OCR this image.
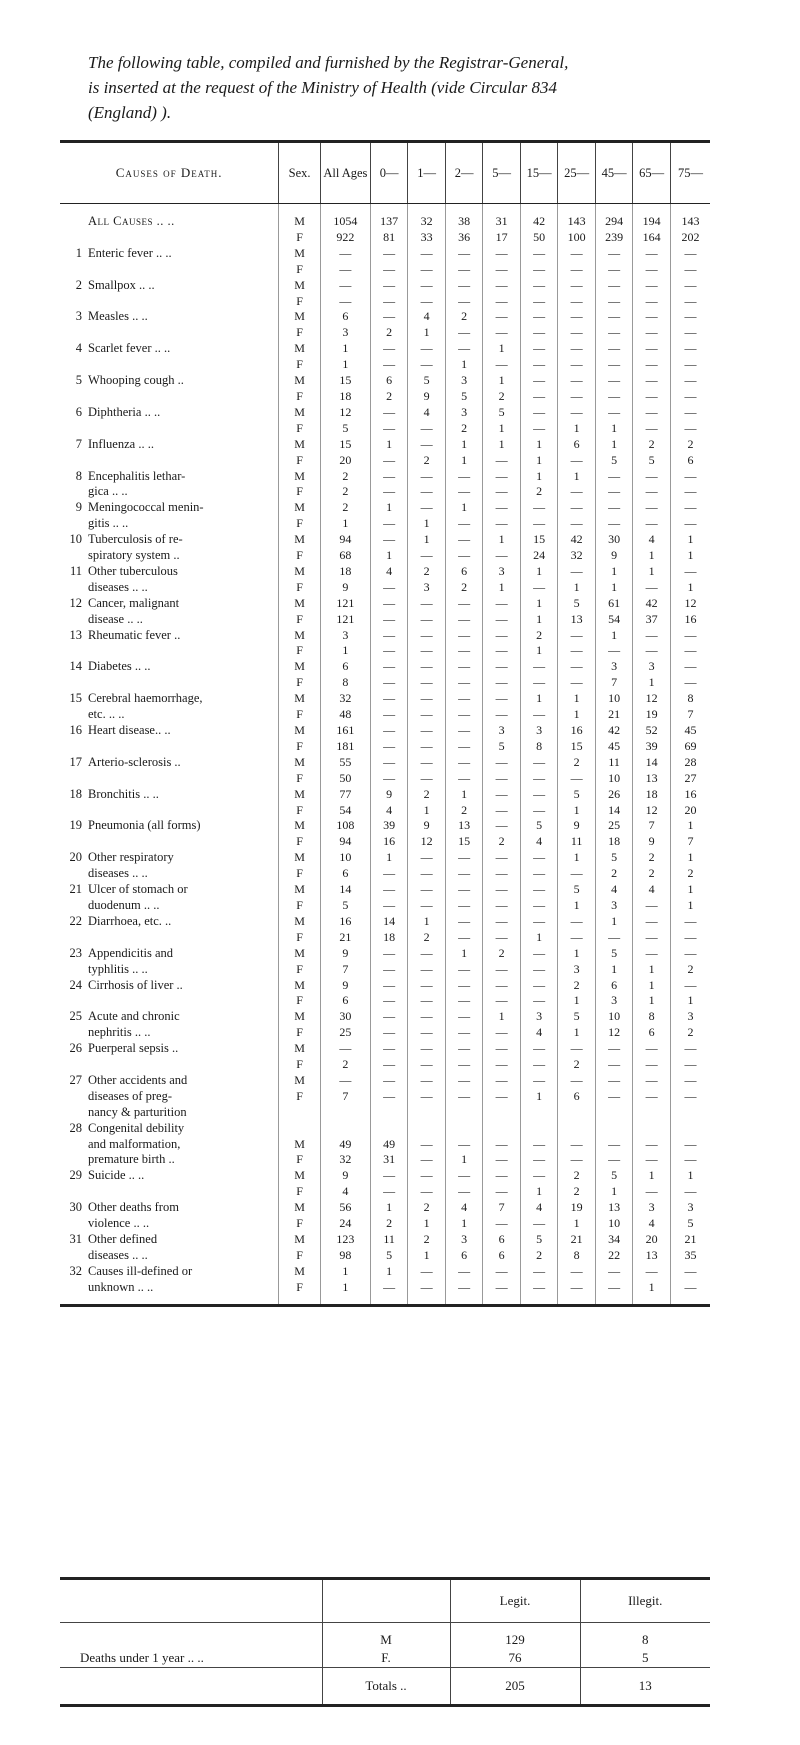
The following table, compiled and furnished by the Registrar-General,
is inserted at the request of the Ministry of Health (vide Circular 834
(England) ).
Causes of Death.	Sex.	All Ages	0—	1—	2—	5—	15—	25—	45—	65—	75—
All Causes .. ..	M	1054	137	32	38	31	42	143	294	194	143
	F	922	81	33	36	17	50	100	239	164	202
1 Enteric fever .. ..	M	—	—	—	—	—	—	—	—	—	—
	F	—	—	—	—	—	—	—	—	—	—
2 Smallpox .. ..	M	—	—	—	—	—	—	—	—	—	—
	F	—	—	—	—	—	—	—	—	—	—
3 Measles .. ..	M	6	—	4	2	—	—	—	—	—	—
	F	3	2	1	—	—	—	—	—	—	—
4 Scarlet fever .. ..	M	1	—	—	—	1	—	—	—	—	—
	F	1	—	—	1	—	—	—	—	—	—
5 Whooping cough ..	M	15	6	5	3	1	—	—	—	—	—
	F	18	2	9	5	2	—	—	—	—	—
6 Diphtheria .. ..	M	12	—	4	3	5	—	—	—	—	—
	F	5	—	—	2	1	—	1	1	—	—
7 Influenza .. ..	M	15	1	—	1	1	1	6	1	2	2
	F	20	—	2	1	—	1	—	5	5	6
8 Encephalitis lethar-	M	2	—	—	—	—	1	1	—	—	—
gica .. ..	F	2	—	—	—	—	2	—	—	—	—
9 Meningococcal menin-	M	2	1	—	1	—	—	—	—	—	—
gitis .. ..	F	1	—	1	—	—	—	—	—	—	—
10 Tuberculosis of re-	M	94	—	1	—	1	15	42	30	4	1
spiratory system ..	F	68	1	—	—	—	24	32	9	1	1
11 Other tuberculous	M	18	4	2	6	3	1	—	1	1	—
diseases .. ..	F	9	—	3	2	1	—	1	1	—	1
12 Cancer, malignant	M	121	—	—	—	—	1	5	61	42	12
disease .. ..	F	121	—	—	—	—	1	13	54	37	16
13 Rheumatic fever ..	M	3	—	—	—	—	2	—	1	—	—
	F	1	—	—	—	—	1	—	—	—	—
14 Diabetes .. ..	M	6	—	—	—	—	—	—	3	3	—
	F	8	—	—	—	—	—	—	7	1	—
15 Cerebral haemorrhage,	M	32	—	—	—	—	1	1	10	12	8
etc. .. ..	F	48	—	—	—	—	—	1	21	19	7
16 Heart disease.. ..	M	161	—	—	—	3	3	16	42	52	45
	F	181	—	—	—	5	8	15	45	39	69
17 Arterio-sclerosis ..	M	55	—	—	—	—	—	2	11	14	28
	F	50	—	—	—	—	—	—	10	13	27
18 Bronchitis .. ..	M	77	9	2	1	—	—	5	26	18	16
	F	54	4	1	2	—	—	1	14	12	20
19 Pneumonia (all forms)	M	108	39	9	13	—	5	9	25	7	1
	F	94	16	12	15	2	4	11	18	9	7
20 Other respiratory	M	10	1	—	—	—	—	1	5	2	1
diseases .. ..	F	6	—	—	—	—	—	—	2	2	2
21 Ulcer of stomach or	M	14	—	—	—	—	—	5	4	4	1
duodenum .. ..	F	5	—	—	—	—	—	1	3	—	1
22 Diarrhoea, etc. ..	M	16	14	1	—	—	—	—	1	—	—
	F	21	18	2	—	—	1	—	—	—	—
23 Appendicitis and	M	9	—	—	1	2	—	1	5	—	—
typhlitis .. ..	F	7	—	—	—	—	—	3	1	1	2
24 Cirrhosis of liver ..	M	9	—	—	—	—	—	2	6	1	—
	F	6	—	—	—	—	—	1	3	1	1
25 Acute and chronic	M	30	—	—	—	1	3	5	10	8	3
nephritis .. ..	F	25	—	—	—	—	4	1	12	6	2
26 Puerperal sepsis ..	M	—	—	—	—	—	—	—	—	—	—
	F	2	—	—	—	—	—	2	—	—	—
27 Other accidents and	M	—	—	—	—	—	—	—	—	—	—
diseases of preg-	F	7	—	—	—	—	1	6	—	—	—
nancy & parturition											
28 Congenital debility											
and malformation,	M	49	49	—	—	—	—	—	—	—	—
premature birth ..	F	32	31	—	1	—	—	—	—	—	—
29 Suicide .. ..	M	9	—	—	—	—	—	2	5	1	1
	F	4	—	—	—	—	1	2	1	—	—
30 Other deaths from	M	56	1	2	4	7	4	19	13	3	3
violence .. ..	F	24	2	1	1	—	—	1	10	4	5
31 Other defined	M	123	11	2	3	6	5	21	34	20	21
diseases .. ..	F	98	5	1	6	6	2	8	22	13	35
32 Causes ill-defined or	M	1	1	—	—	—	—	—	—	—	—
unknown .. ..	F	1	—	—	—	—	—	—	—	1	—
		Legit.	Illegit.
	M	129	8
Deaths under 1 year .. ..	F.	76	5
	Totals ..	205	13
